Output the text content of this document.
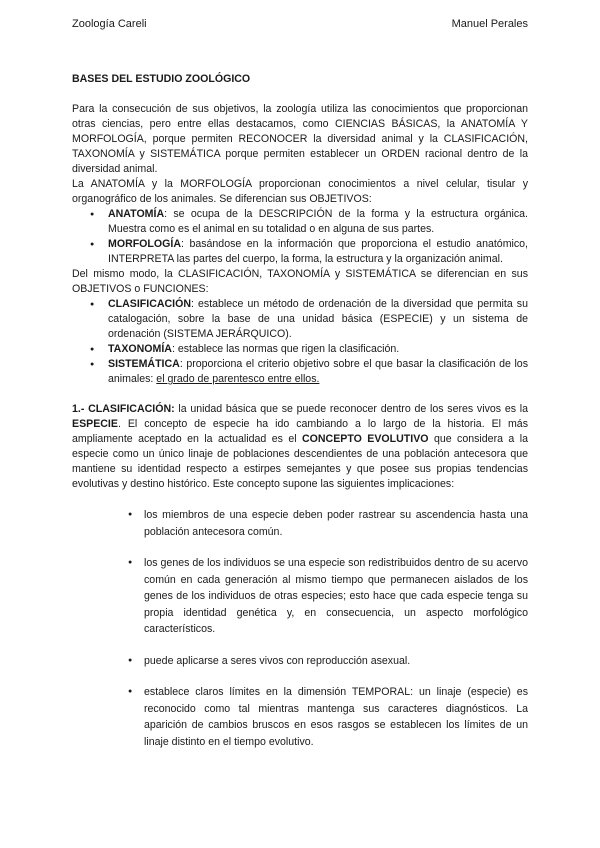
Zoología Careli	Manuel Perales
BASES DEL ESTUDIO ZOOLÓGICO

Para la consecución de sus objetivos, la zoología utiliza las conocimientos que proporcionan otras ciencias, pero entre ellas destacamos, como CIENCIAS BÁSICAS, la ANATOMÍA Y MORFOLOGÍA, porque permiten RECONOCER la diversidad animal y la CLASIFICACIÓN, TAXONOMÍA y SISTEMÁTICA porque permiten establecer un ORDEN racional dentro de la diversidad animal.

La ANATOMÍA y la MORFOLOGÍA proporcionan conocimientos a nivel celular, tisular y organográfico de los animales. Se diferencian sus OBJETIVOS:

● ANATOMÍA: se ocupa de la DESCRIPCIÓN de la forma y la estructura orgánica. Muestra como es el animal en su totalidad o en alguna de sus partes.
● MORFOLOGÍA: basándose en la información que proporciona el estudio anatómico, INTERPRETA las partes del cuerpo, la forma, la estructura y la organización animal.

Del mismo modo, la CLASIFICACIÓN, TAXONOMÍA y SISTEMÁTICA se diferencian en sus OBJETIVOS o FUNCIONES:

● CLASIFICACIÓN: establece un método de ordenación de la diversidad que permita su catalogación, sobre la base de una unidad básica (ESPECIE) y un sistema de ordenación (SISTEMA JERÁRQUICO).
● TAXONOMÍA: establece las normas que rigen la clasificación.
● SISTEMÁTICA: proporciona el criterio objetivo sobre el que basar la clasificación de los animales: el grado de parentesco entre ellos.

1.- CLASIFICACIÓN: la unidad básica que se puede reconocer dentro de los seres vivos es la ESPECIE. El concepto de especie ha ido cambiando a lo largo de la historia. El más ampliamente aceptado en la actualidad es el CONCEPTO EVOLUTIVO que considera a la especie como un único linaje de poblaciones descendientes de una población antecesora que mantiene su identidad respecto a estirpes semejantes y que posee sus propias tendencias evolutivas y destino histórico. Este concepto supone las siguientes implicaciones:

● los miembros de una especie deben poder rastrear su ascendencia hasta una población antecesora común.
● los genes de los individuos se una especie son redistribuidos dentro de su acervo común en cada generación al mismo tiempo que permanecen aislados de los genes de los individuos de otras especies; esto hace que cada especie tenga su propia identidad genética y, en consecuencia, un aspecto morfológico característicos.
● puede aplicarse a seres vivos con reproducción asexual.
● establece claros límites en la dimensión TEMPORAL: un linaje (especie) es reconocido como tal mientras mantenga sus caracteres diagnósticos. La aparición de cambios bruscos en esos rasgos se establecen los límites de un linaje distinto en el tiempo evolutivo.
